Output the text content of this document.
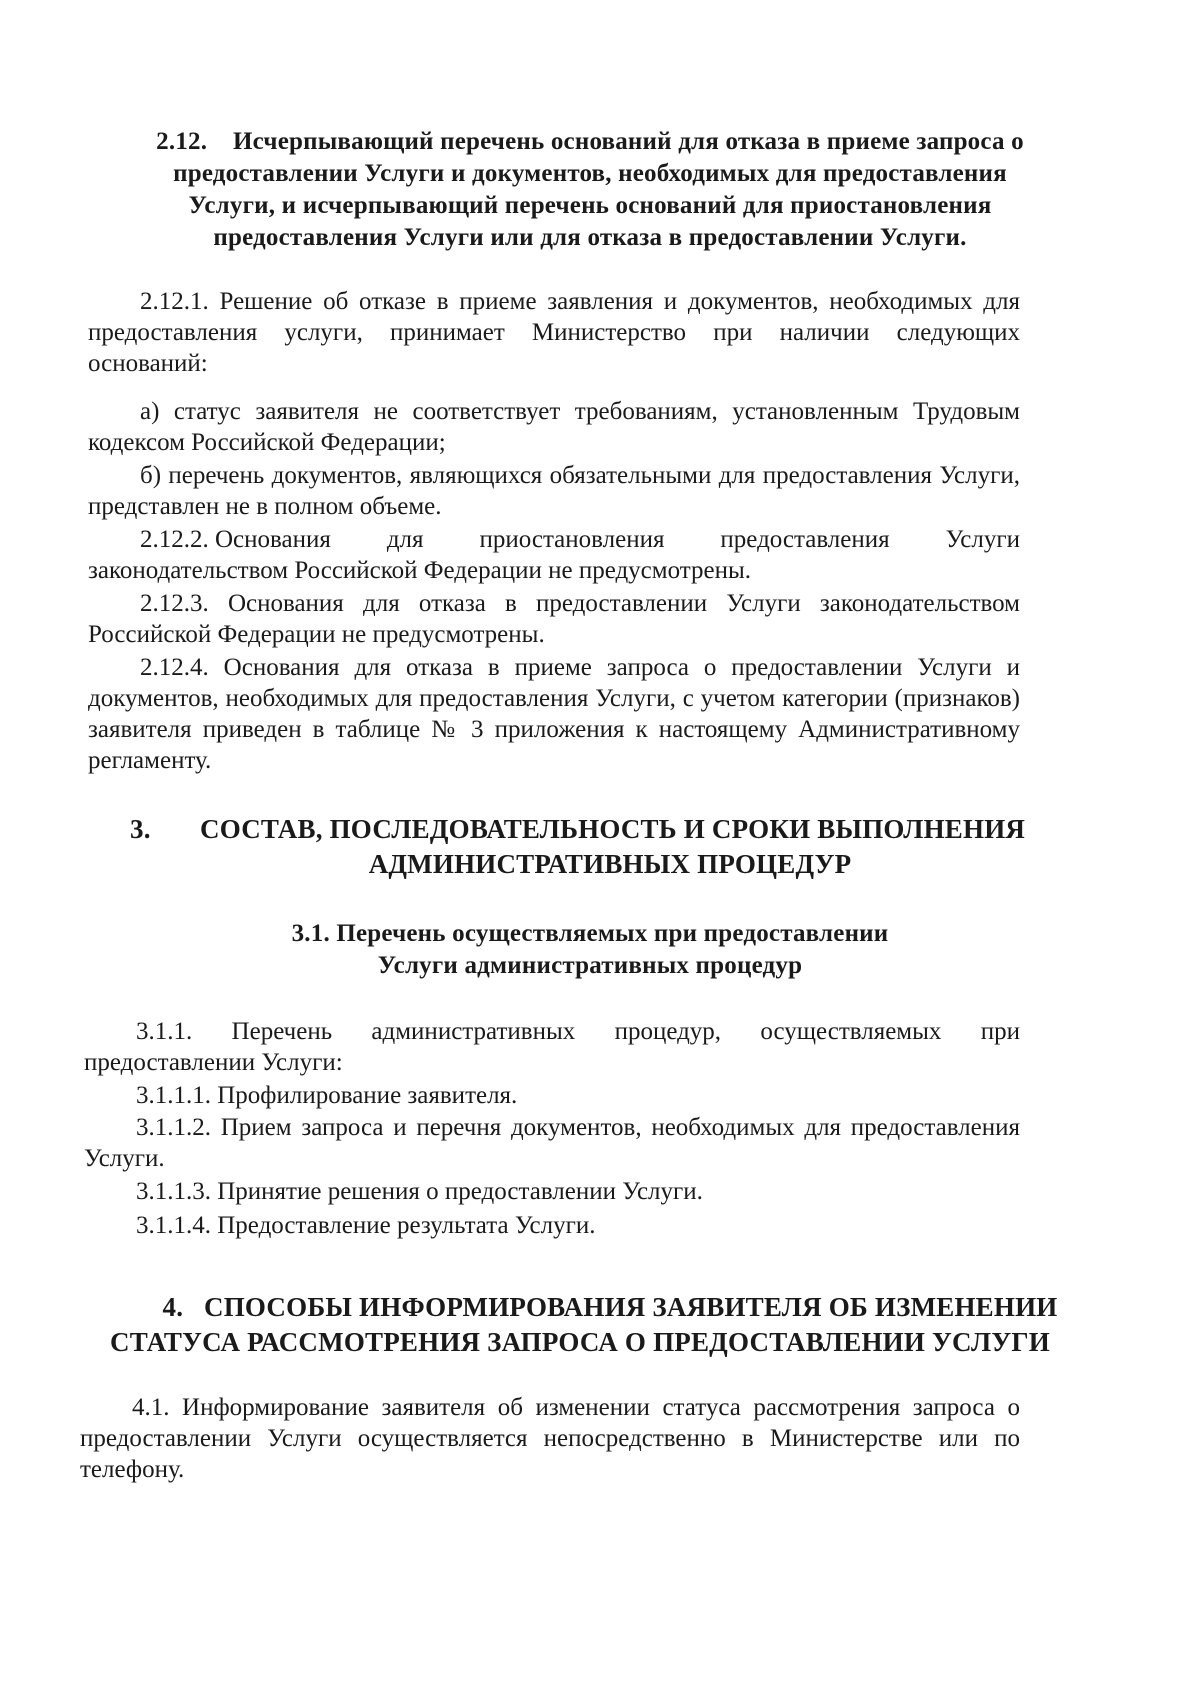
2.12.    Исчерпывающий перечень оснований для отказа в приеме запроса о
предоставлении Услуги и документов, необходимых для предоставления
Услуги, и исчерпывающий перечень оснований для приостановления
предоставления Услуги или для отказа в предоставлении Услуги.
2.12.1. Решение об отказе в приеме заявления и документов, необходимых для предоставления услуги, принимает Министерство при наличии следующих оснований:
а) статус заявителя не соответствует требованиям, установленным Трудовым кодексом Российской Федерации;
б) перечень документов, являющихся обязательными для предоставления Услуги, представлен не в полном объеме.
2.12.2. Основания для приостановления предоставления Услуги
законодательством Российской Федерации не предусмотрены.
2.12.3. Основания для отказа в предоставлении Услуги законодательством Российской Федерации не предусмотрены.
2.12.4. Основания для отказа в приеме запроса о предоставлении Услуги и документов, необходимых для предоставления Услуги, с учетом категории (признаков) заявителя приведен в таблице № 3 приложения к настоящему Административному регламенту.
3. СОСТАВ, ПОСЛЕДОВАТЕЛЬНОСТЬ И СРОКИ ВЫПОЛНЕНИЯ
АДМИНИСТРАТИВНЫХ ПРОЦЕДУР
3.1. Перечень осуществляемых при предоставлении
Услуги административных процедур
3.1.1. Перечень административных процедур, осуществляемых при
предоставлении Услуги:
3.1.1.1. Профилирование заявителя.
3.1.1.2. Прием запроса и перечня документов, необходимых для предоставления Услуги.
3.1.1.3. Принятие решения о предоставлении Услуги.
3.1.1.4. Предоставление результата Услуги.
4.   СПОСОБЫ ИНФОРМИРОВАНИЯ ЗАЯВИТЕЛЯ ОБ ИЗМЕНЕНИИ
СТАТУСА РАССМОТРЕНИЯ ЗАПРОСА О ПРЕДОСТАВЛЕНИИ УСЛУГИ
4.1. Информирование заявителя об изменении статуса рассмотрения запроса о предоставлении Услуги осуществляется непосредственно в Министерстве или по телефону.
